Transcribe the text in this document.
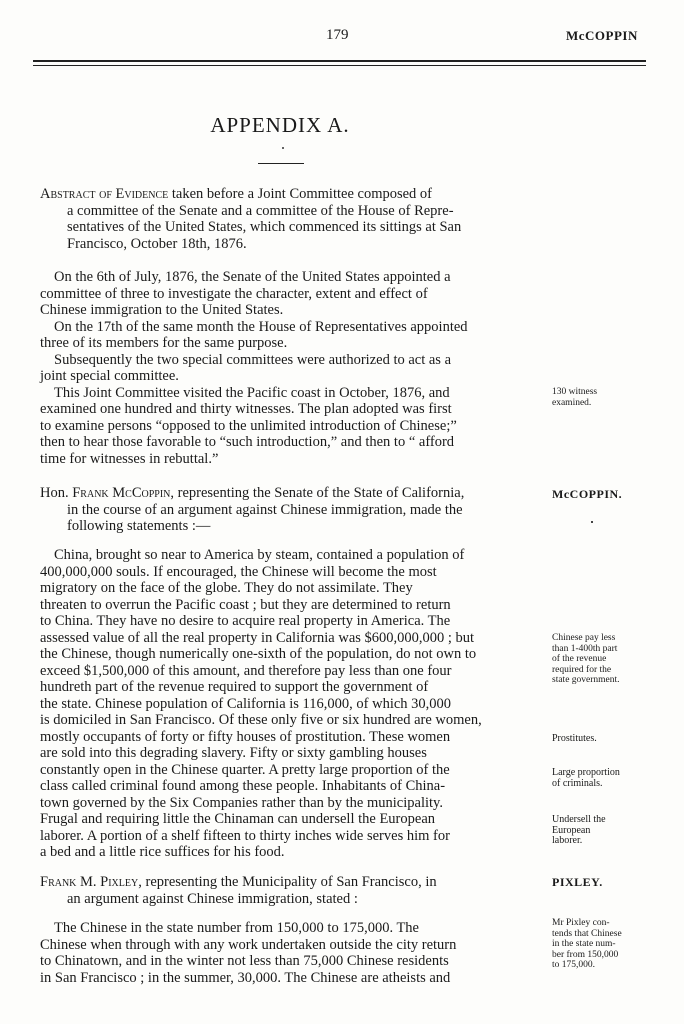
179	McCOPPIN
APPENDIX A.
Abstract of Evidence taken before a Joint Committee composed of
a committee of the Senate and a committee of the House of Repre-
sentatives of the United States, which commenced its sittings at San
Francisco, October 18th, 1876.
On the 6th of July, 1876, the Senate of the United States appointed a
committee of three to investigate the character, extent and effect of
Chinese immigration to the United States.
On the 17th of the same month the House of Representatives appointed
three of its members for the same purpose.
Subsequently the two special committees were authorized to act as a
joint special committee.
This Joint Committee visited the Pacific coast in October, 1876, and
examined one hundred and thirty witnesses. The plan adopted was first
to examine persons “opposed to the unlimited introduction of Chinese;”
then to hear those favorable to “such introduction,” and then to “ afford
time for witnesses in rebuttal.”
Hon. Frank McCoppin, representing the Senate of the State of California,
in the course of an argument against Chinese immigration, made the
following statements :—
China, brought so near to America by steam, contained a population of
400,000,000 souls. If encouraged, the Chinese will become the most
migratory on the face of the globe. They do not assimilate. They
threaten to overrun the Pacific coast ; but they are determined to return
to China. They have no desire to acquire real property in America. The
assessed value of all the real property in California was $600,000,000 ; but
the Chinese, though numerically one-sixth of the population, do not own to
exceed $1,500,000 of this amount, and therefore pay less than one four
hundreth part of the revenue required to support the government of
the state. Chinese population of California is 116,000, of which 30,000
is domiciled in San Francisco. Of these only five or six hundred are women,
mostly occupants of forty or fifty houses of prostitution. These women
are sold into this degrading slavery. Fifty or sixty gambling houses
constantly open in the Chinese quarter. A pretty large proportion of the
class called criminal found among these people. Inhabitants of China-
town governed by the Six Companies rather than by the municipality.
Frugal and requiring little the Chinaman can undersell the European
laborer. A portion of a shelf fifteen to thirty inches wide serves him for
a bed and a little rice suffices for his food.
Frank M. Pixley, representing the Municipality of San Francisco, in
an argument against Chinese immigration, stated :
The Chinese in the state number from 150,000 to 175,000. The
Chinese when through with any work undertaken outside the city return
to Chinatown, and in the winter not less than 75,000 Chinese residents
in San Francisco ; in the summer, 30,000. The Chinese are atheists and
130 witness
examined.
McCOPPIN.
Chinese pay less
than 1-400th part
of the revenue
required for the
state government.
Prostitutes.
Large proportion
of criminals.
Undersell the
European
laborer.
PIXLEY.
Mr Pixley con-
tends that Chinese
in the state num-
ber from 150,000
to 175,000.
